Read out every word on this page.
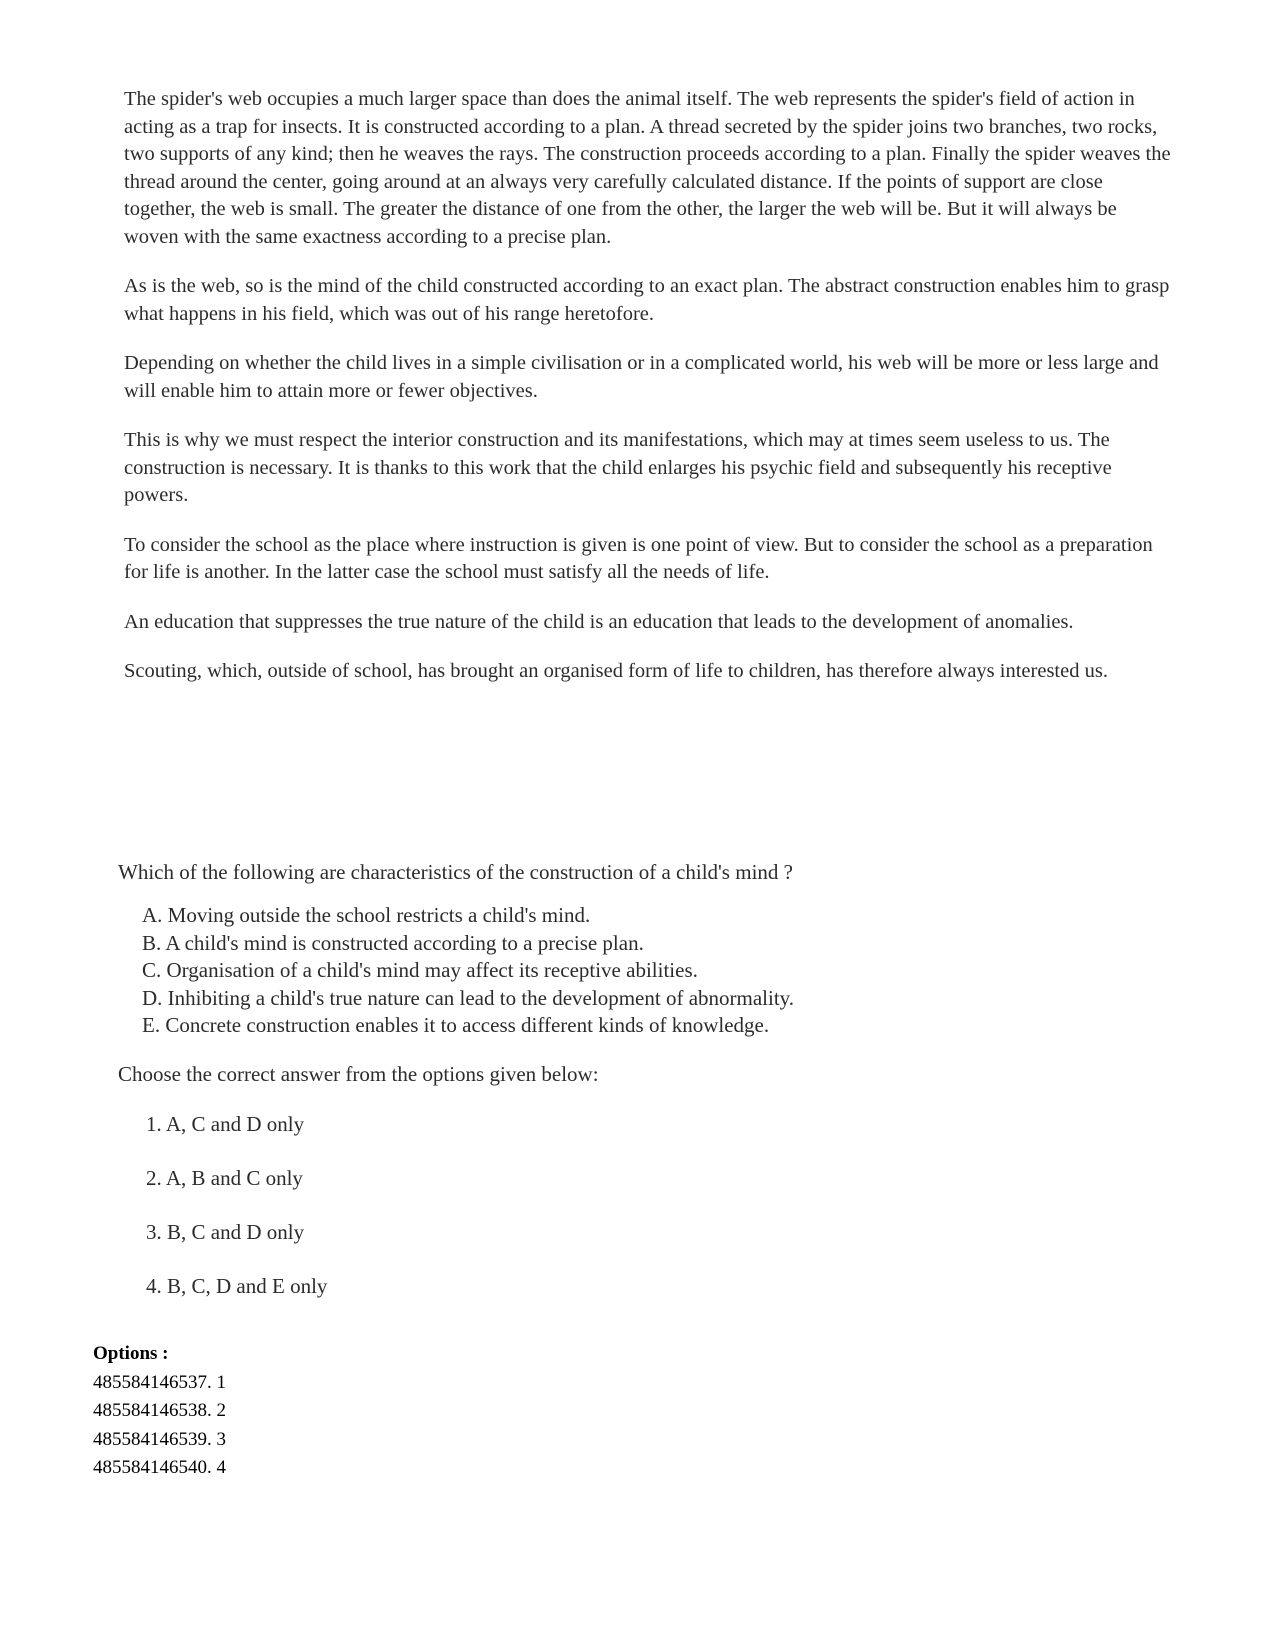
The spider's web occupies a much larger space than does the animal itself. The web represents the spider's field of action in acting as a trap for insects. It is constructed according to a plan. A thread secreted by the spider joins two branches, two rocks, two supports of any kind; then he weaves the rays. The construction proceeds according to a plan. Finally the spider weaves the thread around the center, going around at an always very carefully calculated distance. If the points of support are close together, the web is small. The greater the distance of one from the other, the larger the web will be. But it will always be woven with the same exactness according to a precise plan.

As is the web, so is the mind of the child constructed according to an exact plan. The abstract construction enables him to grasp what happens in his field, which was out of his range heretofore.

Depending on whether the child lives in a simple civilisation or in a complicated world, his web will be more or less large and will enable him to attain more or fewer objectives.

This is why we must respect the interior construction and its manifestations, which may at times seem useless to us. The construction is necessary. It is thanks to this work that the child enlarges his psychic field and subsequently his receptive powers.

To consider the school as the place where instruction is given is one point of view. But to consider the school as a preparation for life is another. In the latter case the school must satisfy all the needs of life.

An education that suppresses the true nature of the child is an education that leads to the development of anomalies.

Scouting, which, outside of school, has brought an organised form of life to children, has therefore always interested us.

Which of the following are characteristics of the construction of a child's mind ?

A. Moving outside the school restricts a child's mind.
B. A child's mind is constructed according to a precise plan.
C. Organisation of a child's mind may affect its receptive abilities.
D. Inhibiting a child's true nature can lead to the development of abnormality.
E. Concrete construction enables it to access different kinds of knowledge.

Choose the correct answer from the options given below:

1. A, C and D only
2. A, B and C only
3. B, C and D only
4. B, C, D and E only
Options :
485584146537. 1
485584146538. 2
485584146539. 3
485584146540. 4
